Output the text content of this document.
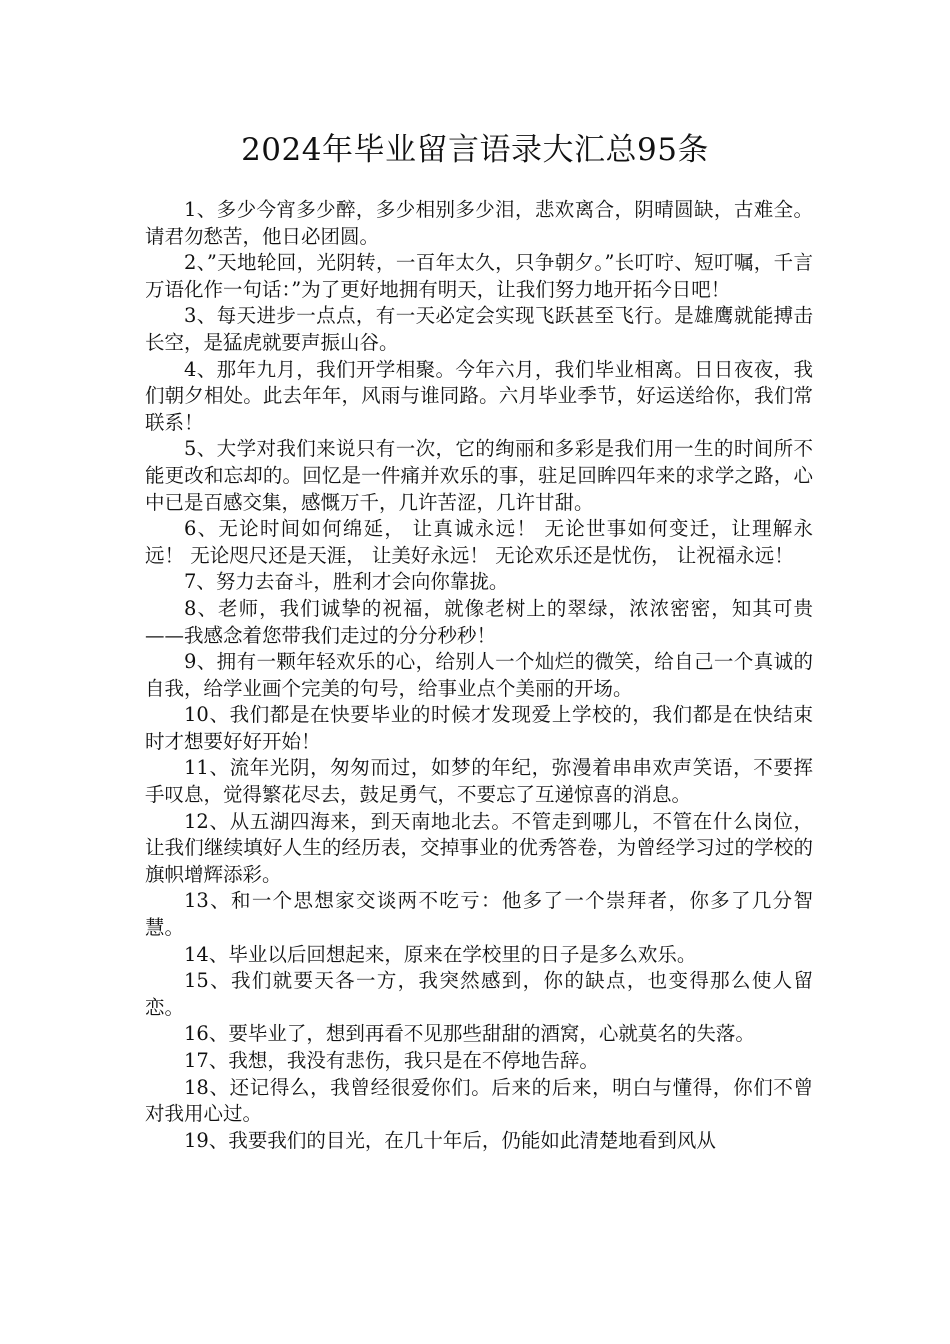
2024年毕业留言语录大汇总95条

1、多少今宵多少醉，多少相别多少泪，悲欢离合，阴晴圆缺，古难全。请君勿愁苦，他日必团圆。

2、”天地轮回，光阴转，一百年太久，只争朝夕。”长叮咛、短叮嘱，千言万语化作一句话：”为了更好地拥有明天，让我们努力地开拓今日吧！

3、每天进步一点点，有一天必定会实现飞跃甚至飞行。是雄鹰就能搏击长空，是猛虎就要声振山谷。

4、那年九月，我们开学相聚。今年六月，我们毕业相离。日日夜夜，我们朝夕相处。此去年年，风雨与谁同路。六月毕业季节，好运送给你，我们常联系！

5、大学对我们来说只有一次，它的绚丽和多彩是我们用一生的时间所不能更改和忘却的。回忆是一件痛并欢乐的事，驻足回眸四年来的求学之路，心中已是百感交集，感慨万千，几许苦涩，几许甘甜。

6、无论时间如何绵延， 让真诚永远！ 无论世事如何变迁，让理解永远！ 无论咫尺还是天涯， 让美好永远！ 无论欢乐还是忧伤， 让祝福永远！

7、努力去奋斗，胜利才会向你靠拢。

8、老师，我们诚挚的祝福，就像老树上的翠绿，浓浓密密，知其可贵——我感念着您带我们走过的分分秒秒！

9、拥有一颗年轻欢乐的心，给别人一个灿烂的微笑，给自己一个真诚的自我，给学业画个完美的句号，给事业点个美丽的开场。

10、我们都是在快要毕业的时候才发现爱上学校的，我们都是在快结束时才想要好好开始！

11、流年光阴，匆匆而过，如梦的年纪，弥漫着串串欢声笑语，不要挥手叹息，觉得繁花尽去，鼓足勇气，不要忘了互递惊喜的消息。

12、从五湖四海来，到天南地北去。不管走到哪儿，不管在什么岗位，让我们继续填好人生的经历表，交掉事业的优秀答卷，为曾经学习过的学校的旗帜增辉添彩。

13、和一个思想家交谈两不吃亏：他多了一个崇拜者，你多了几分智慧。

14、毕业以后回想起来，原来在学校里的日子是多么欢乐。

15、我们就要天各一方，我突然感到，你的缺点，也变得那么使人留恋。

16、要毕业了，想到再看不见那些甜甜的酒窝，心就莫名的失落。

17、我想，我没有悲伤，我只是在不停地告辞。

18、还记得么，我曾经很爱你们。后来的后来，明白与懂得，你们不曾对我用心过。

19、我要我们的目光，在几十年后，仍能如此清楚地看到风从
